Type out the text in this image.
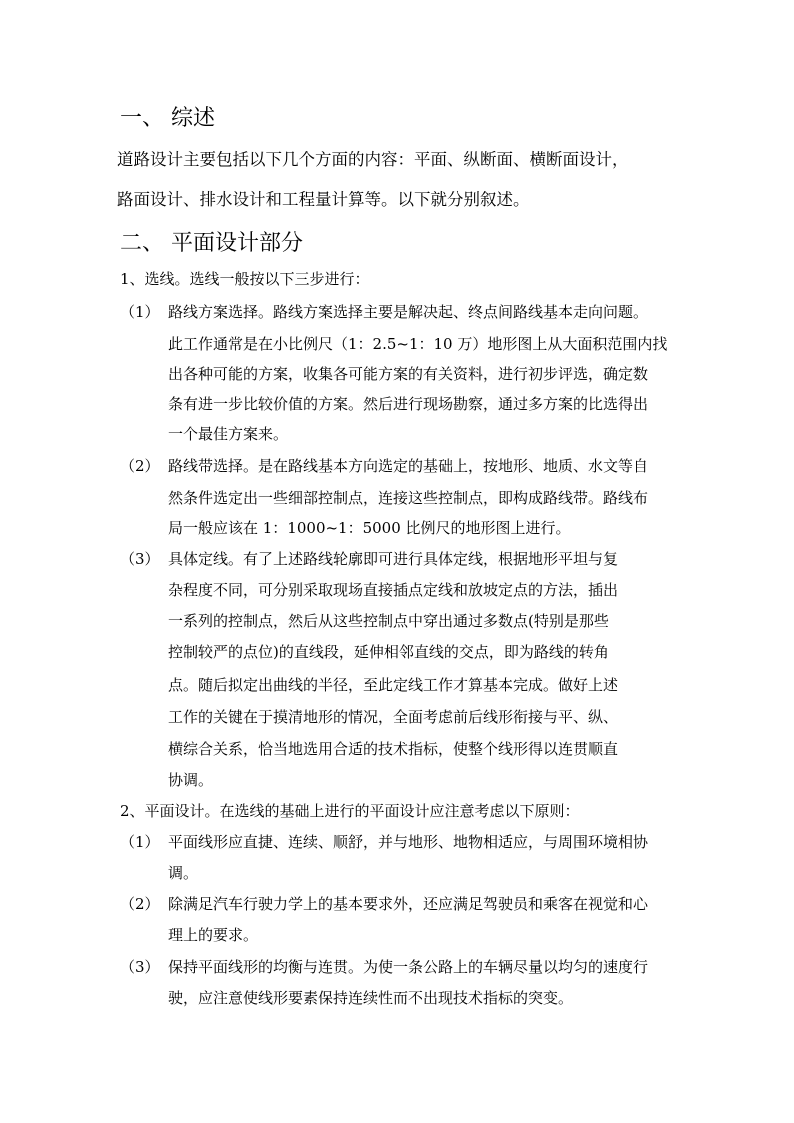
一、 综述
道路设计主要包括以下几个方面的内容：平面、纵断面、横断面设计，
路面设计、排水设计和工程量计算等。以下就分别叙述。
二、 平面设计部分
1、选线。选线一般按以下三步进行：
（1） 路线方案选择。路线方案选择主要是解决起、终点间路线基本走向问题。
此工作通常是在小比例尺（1：2.5~1：10 万）地形图上从大面积范围内找
出各种可能的方案，收集各可能方案的有关资料，进行初步评选，确定数
条有进一步比较价值的方案。然后进行现场勘察，通过多方案的比选得出
一个最佳方案来。
（2） 路线带选择。是在路线基本方向选定的基础上，按地形、地质、水文等自
然条件选定出一些细部控制点，连接这些控制点，即构成路线带。路线布
局一般应该在 1：1000~1：5000 比例尺的地形图上进行。
（3） 具体定线。有了上述路线轮廓即可进行具体定线，根据地形平坦与复
杂程度不同，可分别采取现场直接插点定线和放坡定点的方法，插出
一系列的控制点，然后从这些控制点中穿出通过多数点(特别是那些
控制较严的点位)的直线段，延伸相邻直线的交点，即为路线的转角
点。随后拟定出曲线的半径，至此定线工作才算基本完成。做好上述
工作的关键在于摸清地形的情况，全面考虑前后线形衔接与平、纵、
横综合关系，恰当地选用合适的技术指标，使整个线形得以连贯顺直
协调。
2、平面设计。在选线的基础上进行的平面设计应注意考虑以下原则：
（1） 平面线形应直捷、连续、顺舒，并与地形、地物相适应，与周围环境相协
调。
（2） 除满足汽车行驶力学上的基本要求外，还应满足驾驶员和乘客在视觉和心
理上的要求。
（3） 保持平面线形的均衡与连贯。为使一条公路上的车辆尽量以均匀的速度行
驶，应注意使线形要素保持连续性而不出现技术指标的突变。
